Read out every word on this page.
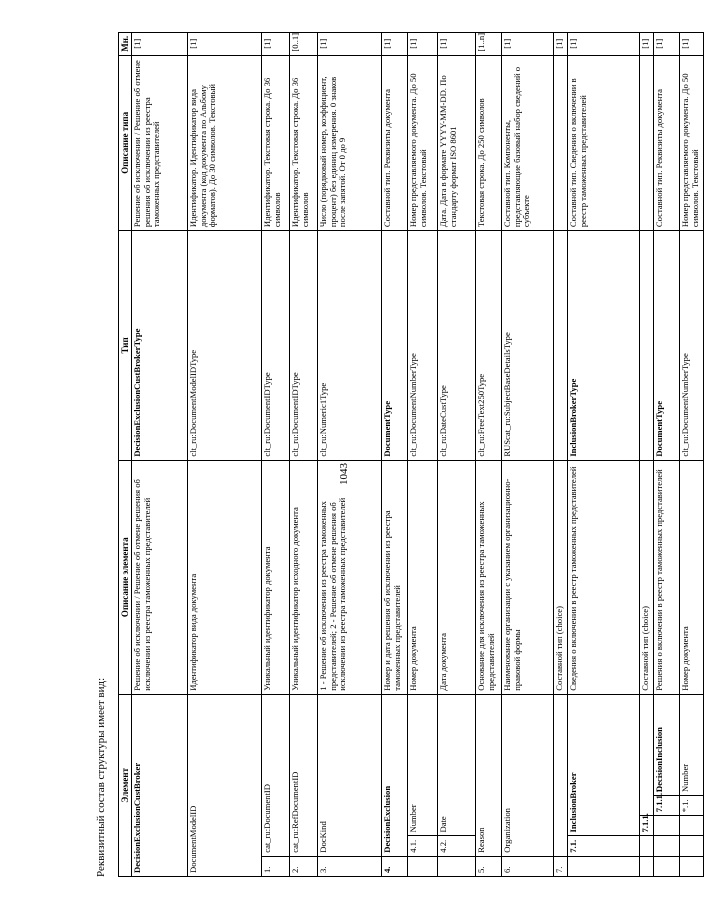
1043
Реквизитный состав структуры имеет вид: Элемент					Описание элемента	Тип	Описание типа	Мн.
DecisionExclusionCustBroker					Решение об исключении / Решение об отмене решения об исключении из реестра таможенных представителей	DecisionExclusionCustBrokerType	Решение об исключении / Решение об отмене решения об исключении из реестра таможенных представителей	[1]
DocumentModelID					Идентификатор вида документа	clt_ru:DocumentModelIDType	Идентификатор. Идентификатор вида документа (код документа по Альбому форматов). До 30 символов. Текстовый	[1]
1.	cat_ru:DocumentID				Уникальный идентификатор документа	clt_ru:DocumentIDType	Идентификатор. Текстовая строка. До 36 символов	[1]
2.	cat_ru:RefDocumentID				Уникальный идентификатор исходного документа	clt_ru:DocumentIDType	Идентификатор. Текстовая строка. До 36 символов	[0..1]
3.	DocKind				1 - Решение об исключении из реестра таможенных представителей; 2 - Решение об отмене решения об исключении из реестра таможенных представителей	clt_ru:Numeric1Type	Число (порядковый номер, коэффициент, процент) без единиц измерения. 0 знаков после запятой. От 0 до 9	[1]
4.	DecisionExclusion				Номер и дата решения об исключении из реестра таможенных представителей	DocumentType	Составной тип. Реквизиты документа	[1]
	4.1.	Number			Номер документа	clt_ru:DocumentNumberType	Номер представляемого документа. До 50 символов. Текстовый	[1]
	4.2.	Date			Дата документа	clt_ru:DateCustType	Дата. Дата в формате YYYY-MM-DD. По стандарту формат ISO 8601	[1]
5.	Reason				Основание для исключения из реестра таможенных представителей	clt_ru:FreeText250Type	Текстовая строка. До 250 символов	[1..n]
6.	Organization				Наименование организации с указанием организационно-правовой формы	RUScat_ru:SubjectBaseDetailsType	Составной тип. Компоненты, представляющие базовый набор сведений о субъекте	[1]
7.					Составной тип (choice)			[1]
	7.1.	InclusionBroker			Сведения о включении в реестр таможенных представителей	InclusionBrokerType	Составной тип. Сведения о включении в реестр таможенных представителей	[1]
		7.1.1.			Составной тип (choice)			[1]
			7.1.1.1.	DecisionInclusion	Решения о включении в реестр таможенных представителей	DocumentType	Составной тип. Реквизиты документа	[1]
			*.1.	Number	Номер документа	clt_ru:DocumentNumberType	Номер представляемого документа. До 50 символов. Текстовый	[1]
